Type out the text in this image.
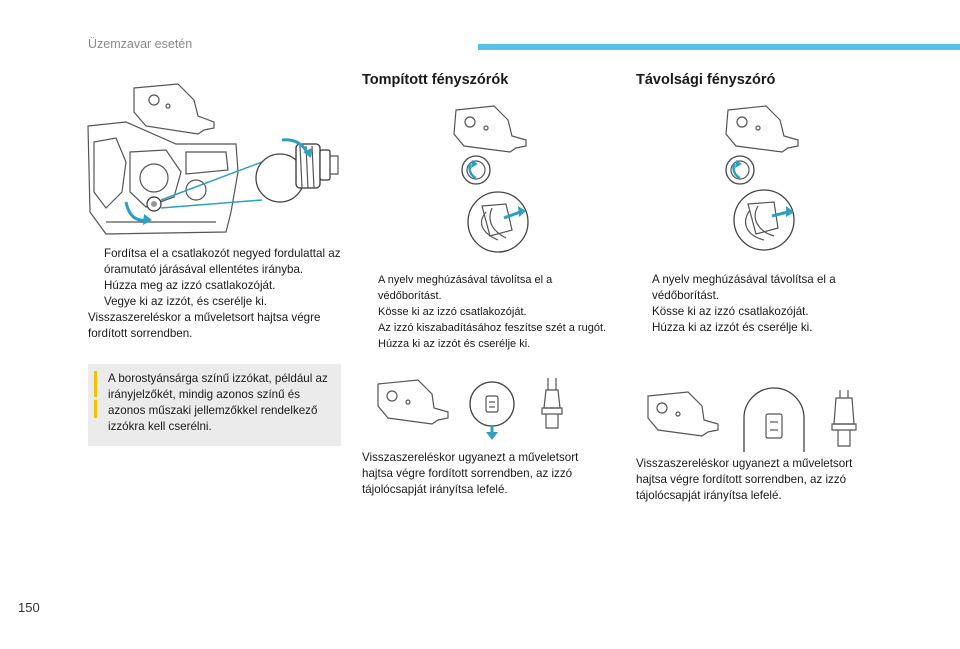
Üzemzavar esetén
Fordítsa el a csatlakozót negyed fordulattal az óramutató járásával ellentétes irányba.
Húzza meg az izzó csatlakozóját.
Vegye ki az izzót, és cserélje ki.
Visszaszereléskor a műveletsort hajtsa végre fordított sorrendben.
A borostyánsárga színű izzókat, például az irányjelzőkét, mindig azonos színű és azonos műszaki jellemzőkkel rendelkező izzókra kell cserélni.
Tompított fényszórók
A nyelv meghúzásával távolítsa el a védőborítást.
Kösse ki az izzó csatlakozóját.
Az izzó kiszabadításához feszítse szét a rugót.
Húzza ki az izzót és cserélje ki.
Visszaszereléskor ugyanezt a műveletsort hajtsa végre fordított sorrendben, az izzó tájolócsapját irányítsa lefelé.
Távolsági fényszóró
A nyelv meghúzásával távolítsa el a védőborítást.
Kösse ki az izzó csatlakozóját.
Húzza ki az izzót és cserélje ki.
Visszaszereléskor ugyanezt a műveletsort hajtsa végre fordított sorrendben, az izzó tájolócsapját irányítsa lefelé.
150
